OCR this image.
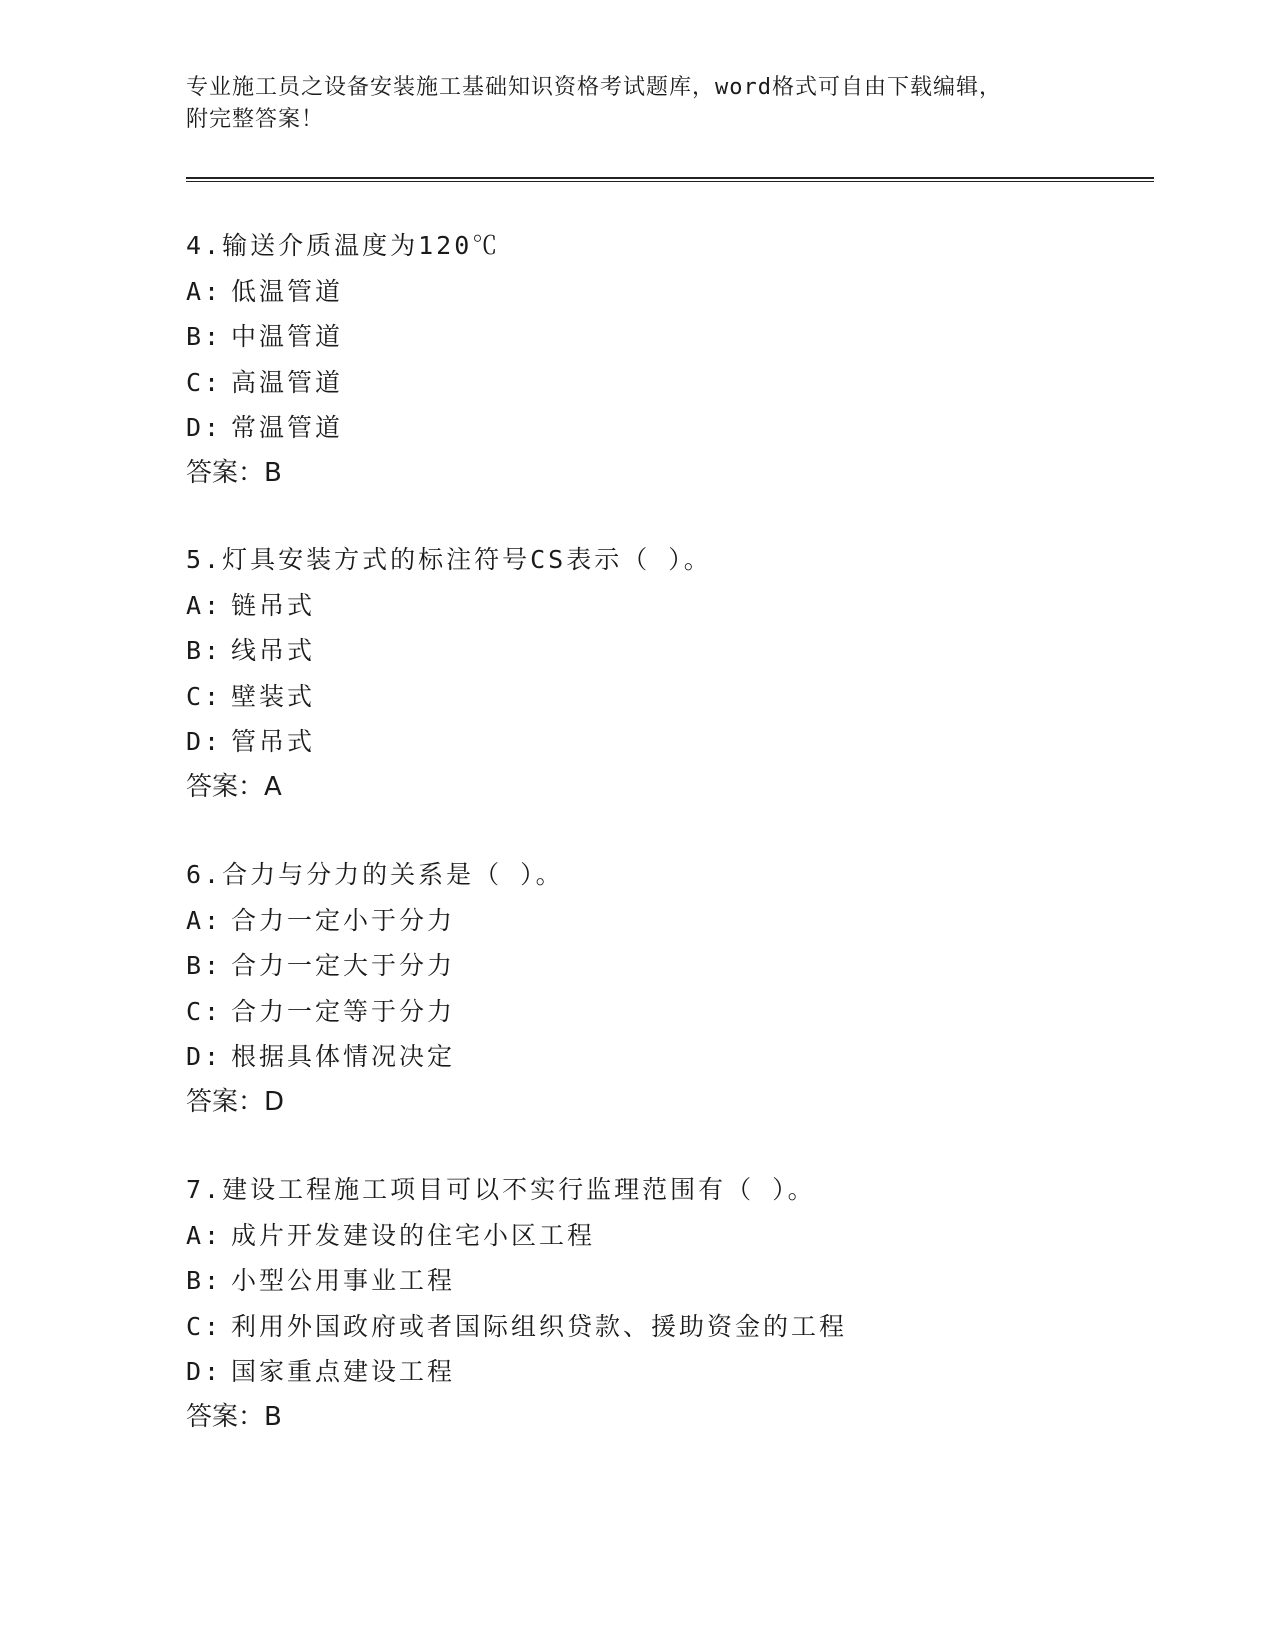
专业施工员之设备安装施工基础知识资格考试题库，word格式可自由下载编辑，
附完整答案！
4.输送介质温度为120℃
A: 低温管道
B: 中温管道
C: 高温管道
D: 常温管道
答案：B
5.灯具安装方式的标注符号CS表示（ ）。
A: 链吊式
B: 线吊式
C: 壁装式
D: 管吊式
答案：A
6.合力与分力的关系是（ ）。
A: 合力一定小于分力
B: 合力一定大于分力
C: 合力一定等于分力
D: 根据具体情况决定
答案：D
7.建设工程施工项目可以不实行监理范围有（ ）。
A: 成片开发建设的住宅小区工程
B: 小型公用事业工程
C: 利用外国政府或者国际组织贷款、援助资金的工程
D: 国家重点建设工程
答案：B
